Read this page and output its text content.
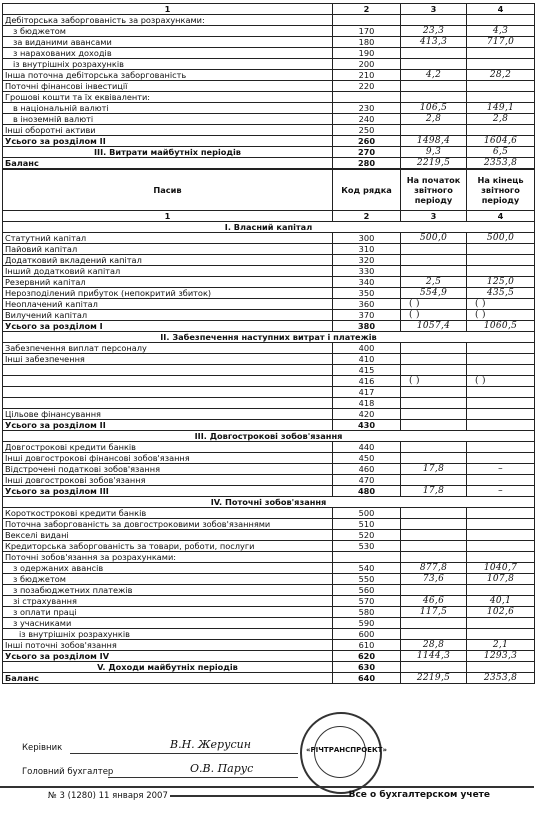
1	2	3	4
Дебіторська заборгованість за розрахунками:			
з бюджетом	170	23,3	4,3
за виданими авансами	180	413,3	717,0
з нарахованих доходів	190		
із внутрішніх розрахунків	200		
Інша поточна дебіторська заборгованість	210	4,2	28,2
Поточні фінансові інвестиції	220		
Грошові кошти та їх еквіваленти:			
в національній валюті	230	106,5	149,1
в іноземній валюті	240	2,8	2,8
Інші оборотні активи	250		
Усього за розділом II	260	1498,4	1604,6
III. Витрати майбутніх періодів	270	9,3	6,5
Баланс	280	2219,5	2353,8
Пасив	Код рядка	На початок звітного періоду	На кінець звітного періоду
1	2	3	4
I. Власний капітал			
Статутний капітал	300	500,0	500,0
Пайовий капітал	310		
Додатковий вкладений капітал	320		
Інший додатковий капітал	330		
Резервний капітал	340	2,5	125,0
Нерозподілений прибуток (непокритий збиток)	350	554,9	435,5
Неоплачений капітал	360	( )	( )

Вилучений капітал	370	( )	( )

Усього за розділом I	380	1057,4	1060,5
II. Забезпечення наступних витрат і платежів			
Забезпечення виплат персоналу	400		
Інші забезпечення	410		
	415		
	416	( )	( )

	417		
	418		
Цільове фінансування	420		
Усього за розділом II	430		
III. Довгострокові зобов'язання			
Довгострокові кредити банків	440		
Інші довгострокові фінансові зобов'язання	450		
Відстрочені податкові зобов'язання	460	17,8	–
Інші довгострокові зобов'язання	470		
Усього за розділом III	480	17,8	–
IV. Поточні зобов'язання			
Короткострокові кредити банків	500		
Поточна заборгованість за довгостроковими зобов'язаннями	510		
Векселі видані	520		
Кредиторська заборгованість за товари, роботи, послуги	530		
Поточні зобов'язання за розрахунками:			
з одержаних авансів	540	877,8	1040,7
з бюджетом	550	73,6	107,8
з позабюджетних платежів	560		
зі страхування	570	46,6	40,1
з оплати праці	580	117,5	102,6
з учасниками	590		
із внутрішніх розрахунків	600		
Інші поточні зобов'язання	610	28,8	2,1
Усього за розділом IV	620	1144,3	1293,3
V. Доходи майбутніх періодів	630		
Баланс	640	2219,5	2353,8
Керівник	В.Н. Жерусин
Головний бухгалтер	О.В. Парус
«РІЧТРАНСПРОЕКТ»
№ 3 (1280) 11 января 2007	Все о бухгалтерском учете
